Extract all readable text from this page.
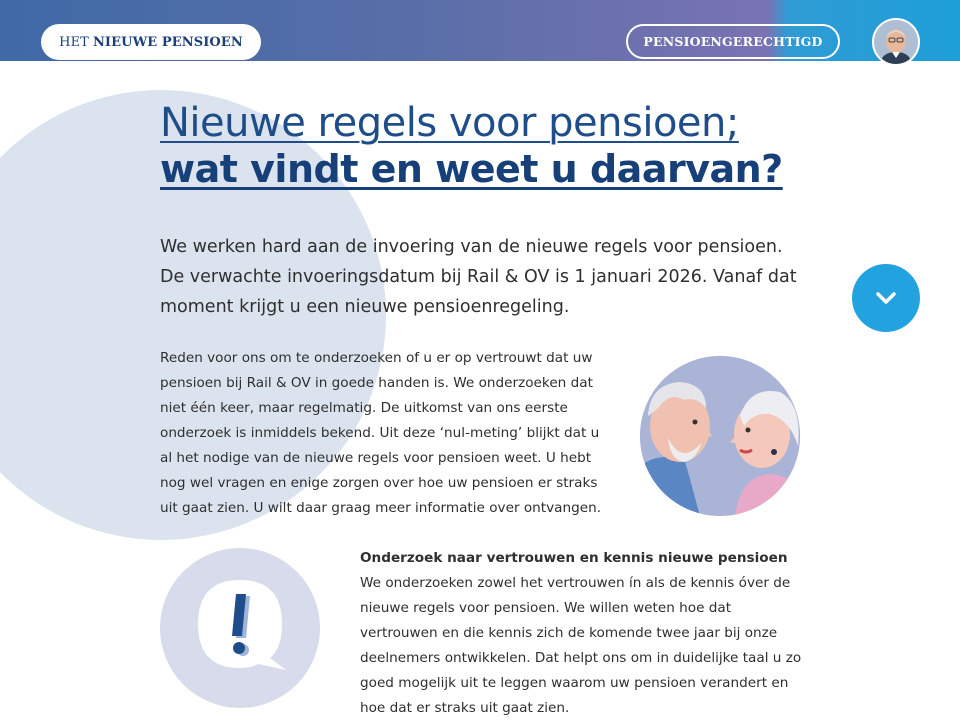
HET NIEUWE PENSIOEN	PENSIOENGERECHTIGD
Nieuwe regels voor pensioen;
wat vindt en weet u daarvan?

We werken hard aan de invoering van de nieuwe regels voor pensioen. De verwachte invoeringsdatum bij Rail & OV is 1 januari 2026. Vanaf dat moment krijgt u een nieuwe pensioenregeling.

Reden voor ons om te onderzoeken of u er op vertrouwt dat uw pensioen bij Rail & OV in goede handen is. We onderzoeken dat niet één keer, maar regelmatig. De uitkomst van ons eerste onderzoek is inmiddels bekend. Uit deze ‘nul-meting’ blijkt dat u al het nodige van de nieuwe regels voor pensioen weet. U hebt nog wel vragen en enige zorgen over hoe uw pensioen er straks uit gaat zien. U wilt daar graag meer informatie over ontvangen.

Onderzoek naar vertrouwen en kennis nieuwe pensioen
We onderzoeken zowel het vertrouwen ín als de kennis óver de nieuwe regels voor pensioen. We willen weten hoe dat vertrouwen en die kennis zich de komende twee jaar bij onze deelnemers ontwikkelen. Dat helpt ons om in duidelijke taal u zo goed mogelijk uit te leggen waarom uw pensioen verandert en hoe dat er straks uit gaat zien.
